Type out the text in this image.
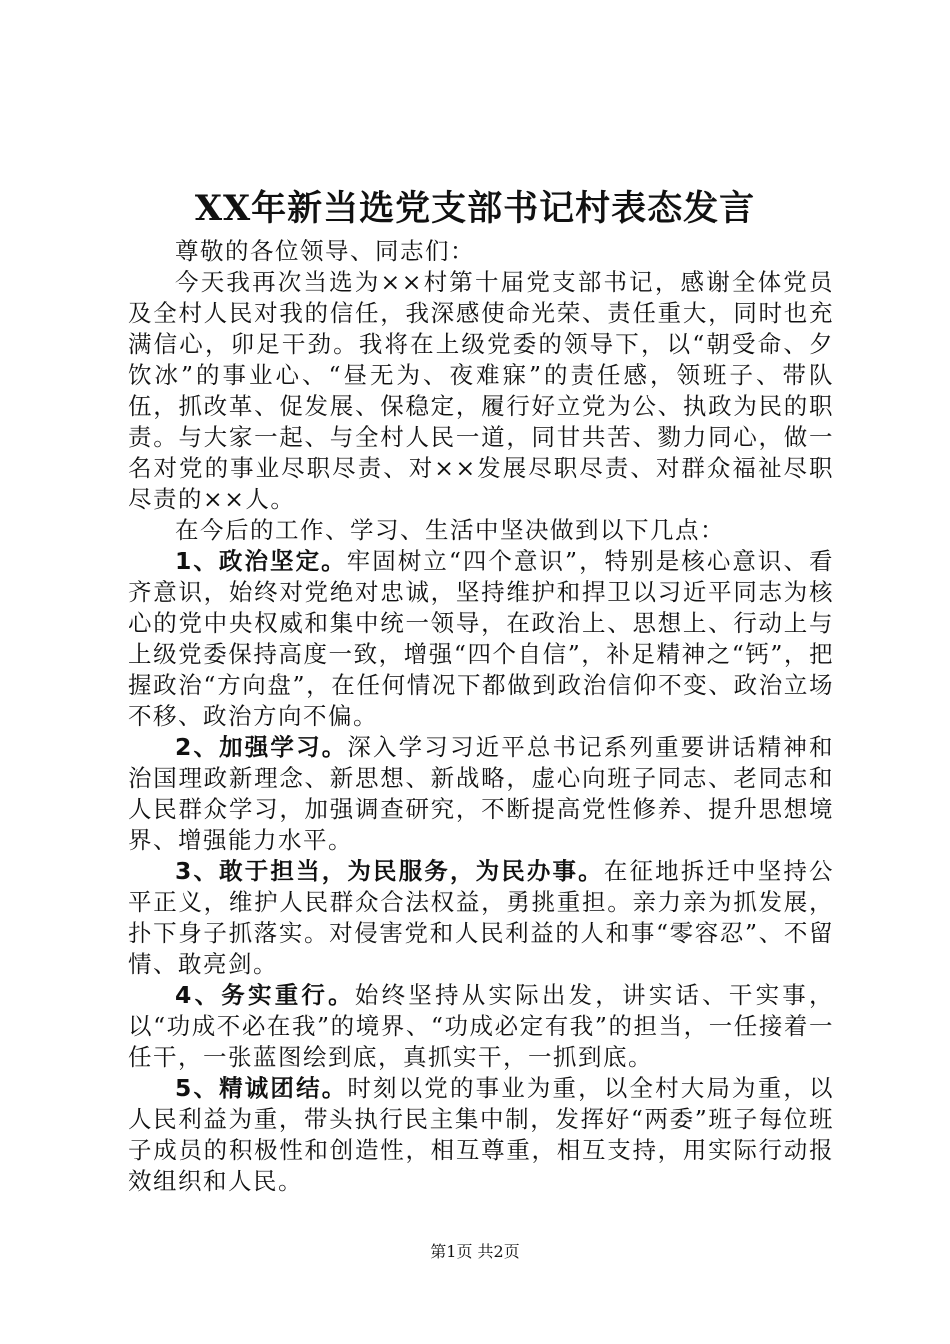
XX年新当选党支部书记村表态发言

尊敬的各位领导、同志们：

今天我再次当选为××村第十届党支部书记，感谢全体党员及全村人民对我的信任，我深感使命光荣、责任重大，同时也充满信心，卯足干劲。我将在上级党委的领导下，以“朝受命、夕饮冰”的事业心、“昼无为、夜难寐”的责任感，领班子、带队伍，抓改革、促发展、保稳定，履行好立党为公、执政为民的职责。与大家一起、与全村人民一道，同甘共苦、勠力同心，做一名对党的事业尽职尽责、对××发展尽职尽责、对群众福祉尽职尽责的××人。

在今后的工作、学习、生活中坚决做到以下几点：

1、政治坚定。牢固树立“四个意识”，特别是核心意识、看齐意识，始终对党绝对忠诚，坚持维护和捍卫以习近平同志为核心的党中央权威和集中统一领导，在政治上、思想上、行动上与上级党委保持高度一致，增强“四个自信”，补足精神之“钙”，把握政治“方向盘”，在任何情况下都做到政治信仰不变、政治立场不移、政治方向不偏。

2、加强学习。深入学习习近平总书记系列重要讲话精神和治国理政新理念、新思想、新战略，虚心向班子同志、老同志和人民群众学习，加强调查研究，不断提高党性修养、提升思想境界、增强能力水平。

3、敢于担当，为民服务，为民办事。在征地拆迁中坚持公平正义，维护人民群众合法权益，勇挑重担。亲力亲为抓发展，扑下身子抓落实。对侵害党和人民利益的人和事“零容忍”、不留情、敢亮剑。

4、务实重行。始终坚持从实际出发，讲实话、干实事，以“功成不必在我”的境界、“功成必定有我”的担当，一任接着一任干，一张蓝图绘到底，真抓实干，一抓到底。

5、精诚团结。时刻以党的事业为重，以全村大局为重，以人民利益为重，带头执行民主集中制，发挥好“两委”班子每位班子成员的积极性和创造性，相互尊重，相互支持，用实际行动报效组织和人民。

第1页 共2页
